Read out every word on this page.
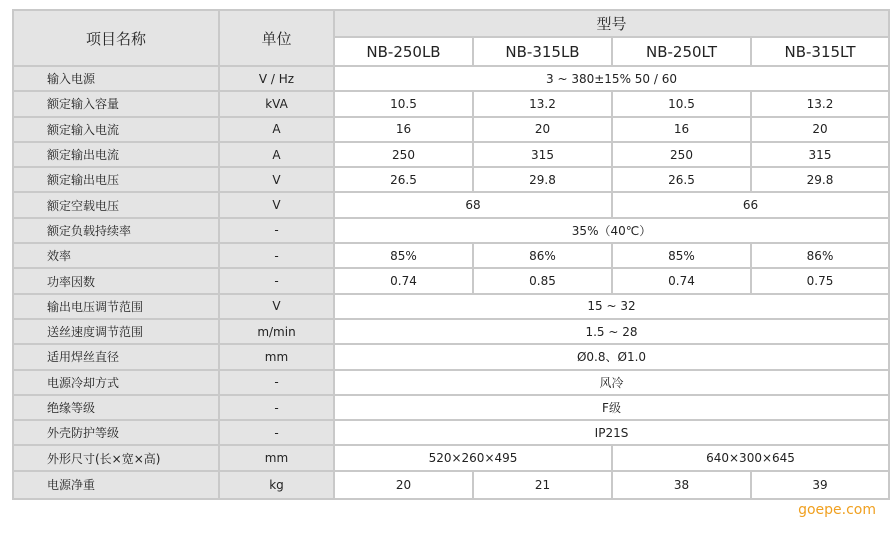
项目名称	单位	型号			
		NB-250LB	NB-315LB	NB-250LT	NB-315LT
输入电源	V / Hz	3 ~ 380±15% 50 / 60			
额定输入容量	kVA	10.5	13.2	10.5	13.2
额定输入电流	A	16	20	16	20
额定输出电流	A	250	315	250	315
额定输出电压	V	26.5	29.8	26.5	29.8
额定空载电压	V	68		66	
额定负载持续率	-	35%（40℃）			
效率	-	85%	86%	85%	86%
功率因数	-	0.74	0.85	0.74	0.75
输出电压调节范围	V	15 ~ 32			
送丝速度调节范围	m/min	1.5 ~ 28			
适用焊丝直径	mm	Ø0.8、Ø1.0			
电源冷却方式	-	风冷			
绝缘等级	-	F级			
外壳防护等级	-	IP21S			
外形尺寸(长×宽×高)	mm	520×260×495		640×300×645	
电源净重	kg	20	21	38	39
goepe.com
